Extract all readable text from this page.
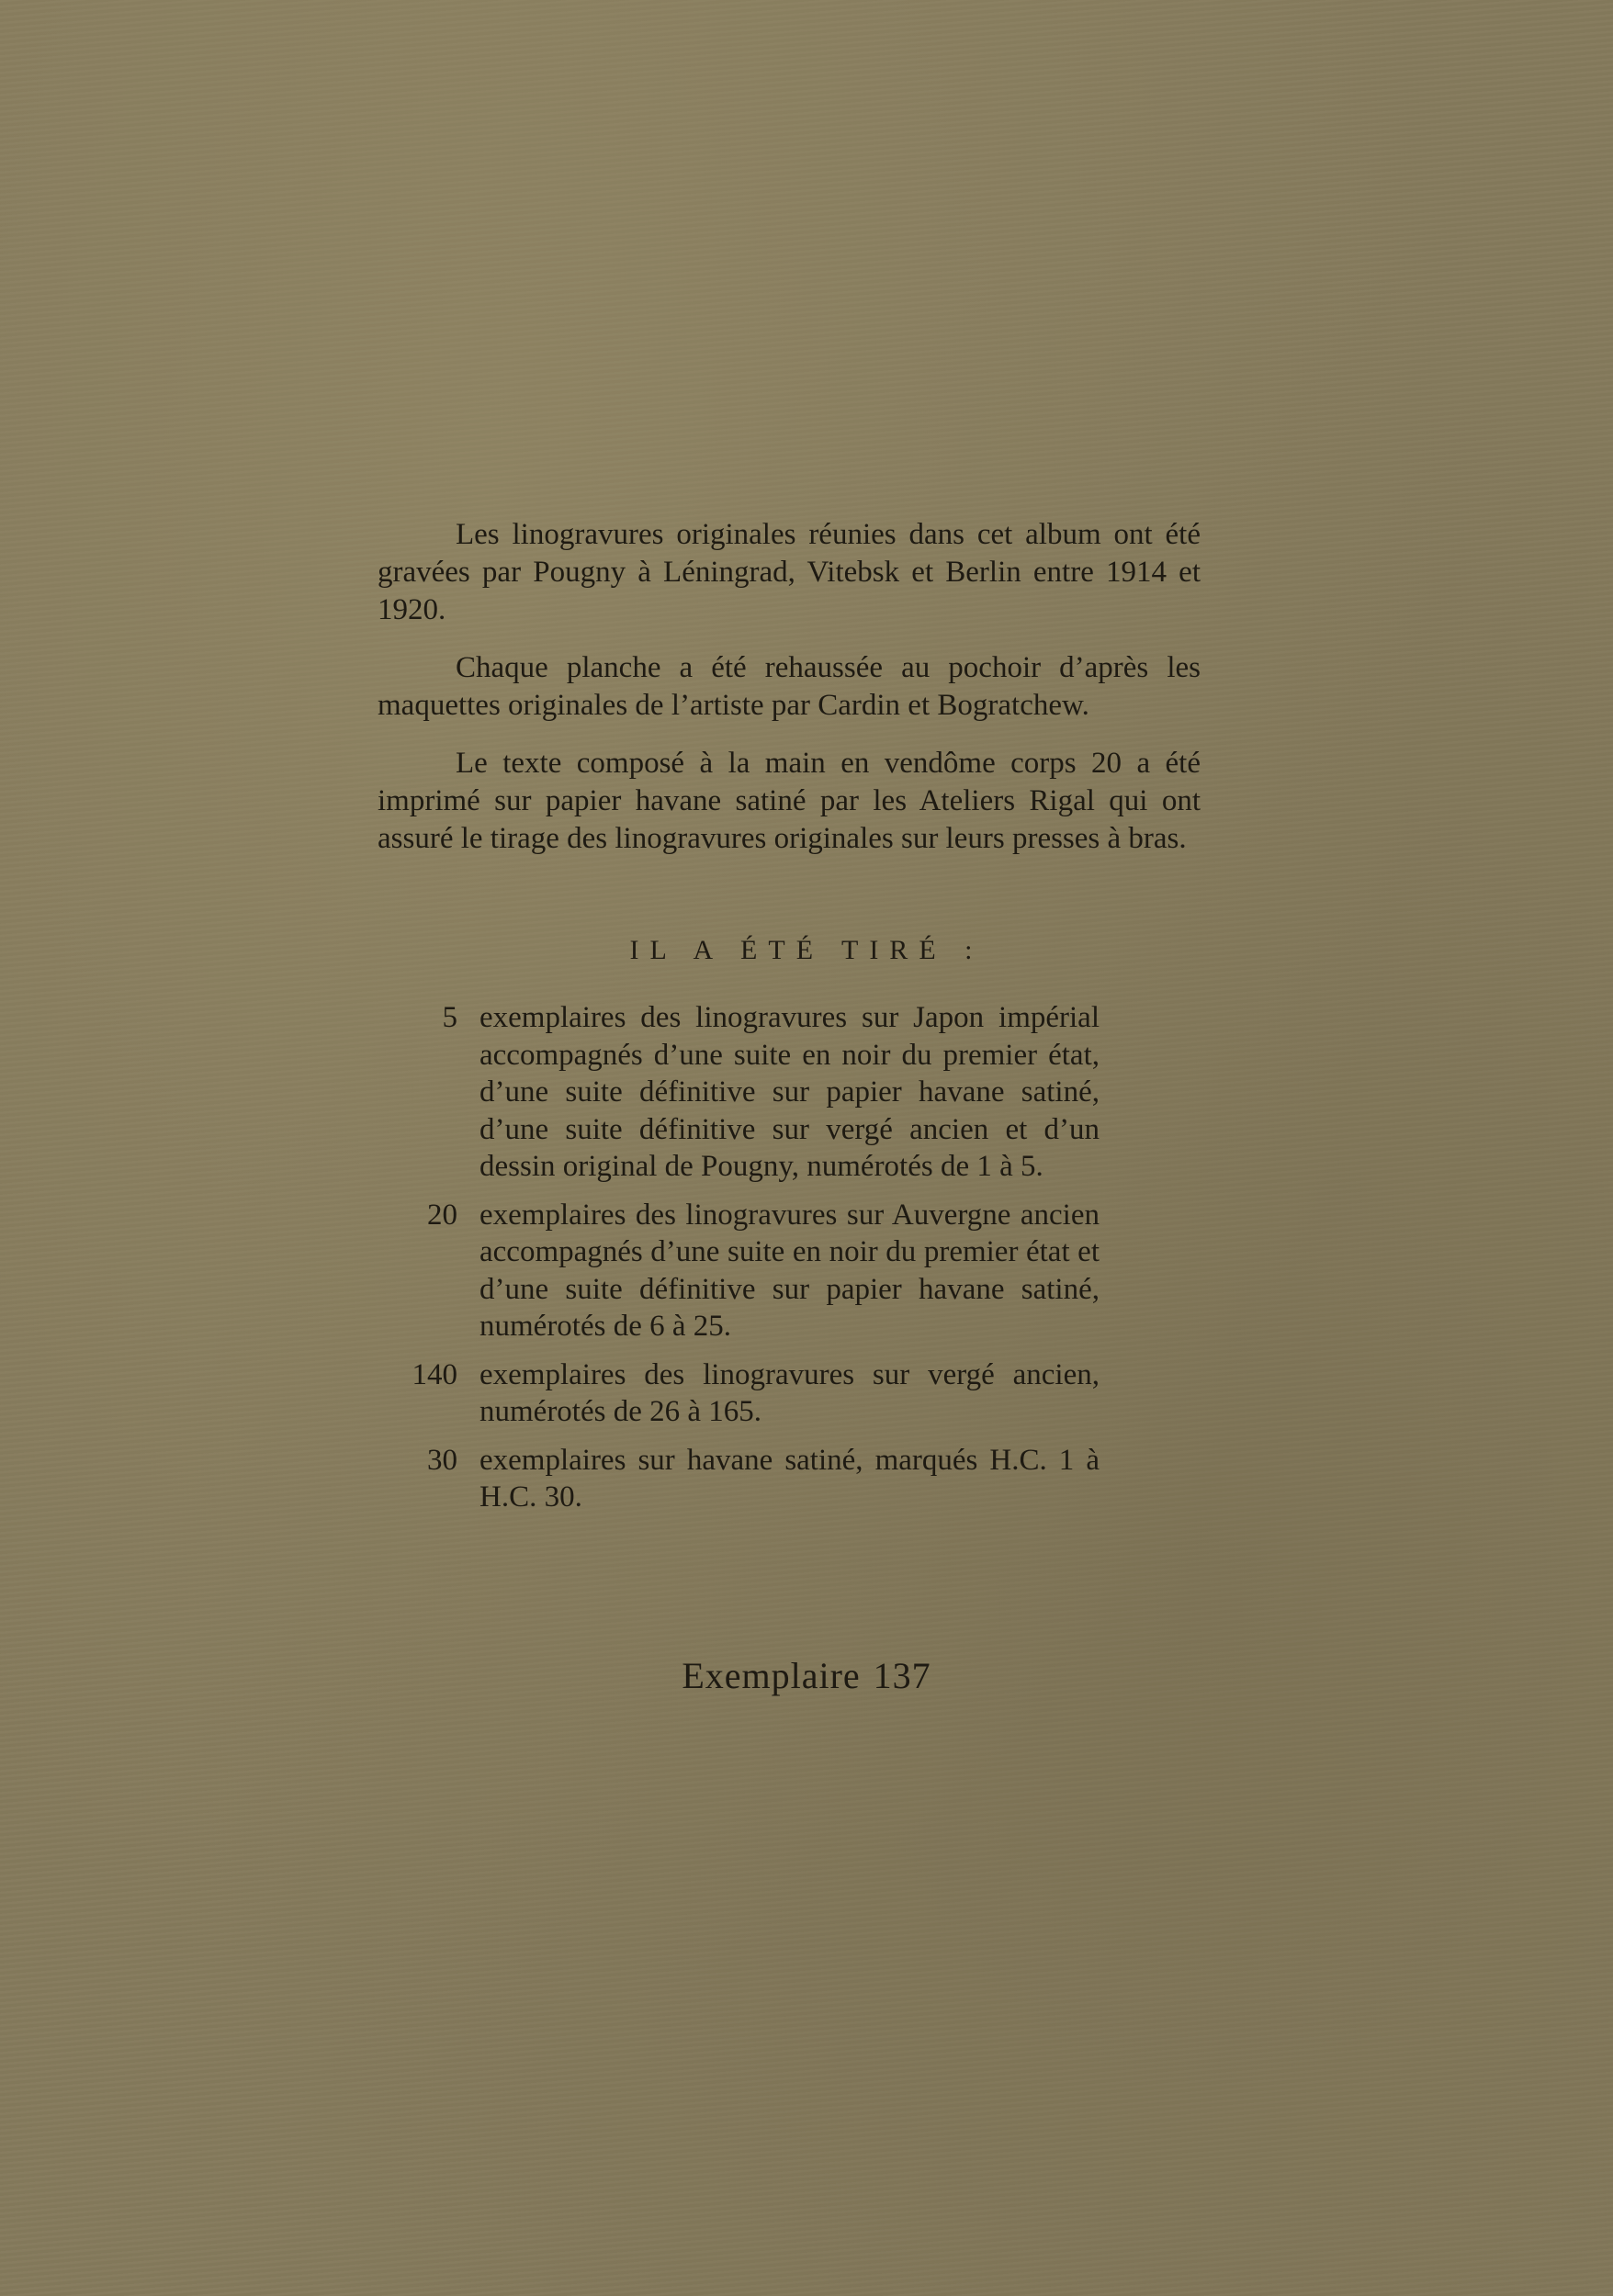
Les linogravures originales réunies dans cet album ont été gravées par Pougny à Léningrad, Vitebsk et Berlin entre 1914 et 1920.

Chaque planche a été rehaussée au pochoir d’après les maquettes originales de l’artiste par Cardin et Bogratchew.

Le texte composé à la main en vendôme corps 20 a été imprimé sur papier havane satiné par les Ateliers Rigal qui ont assuré le tirage des linogravures originales sur leurs presses à bras.

IL A ÉTÉ TIRÉ :
5 exemplaires des linogravures sur Japon impérial accompagnés d’une suite en noir du premier état, d’une suite définitive sur papier havane satiné, d’une suite définitive sur vergé ancien et d’un dessin original de Pougny, numérotés de 1 à 5.
20 exemplaires des linogravures sur Auvergne ancien accompagnés d’une suite en noir du premier état et d’une suite définitive sur papier havane satiné, numérotés de 6 à 25.
140 exemplaires des linogravures sur vergé ancien, numérotés de 26 à 165.
30 exemplaires sur havane satiné, marqués H.C. 1 à H.C. 30.
Exemplaire 137
